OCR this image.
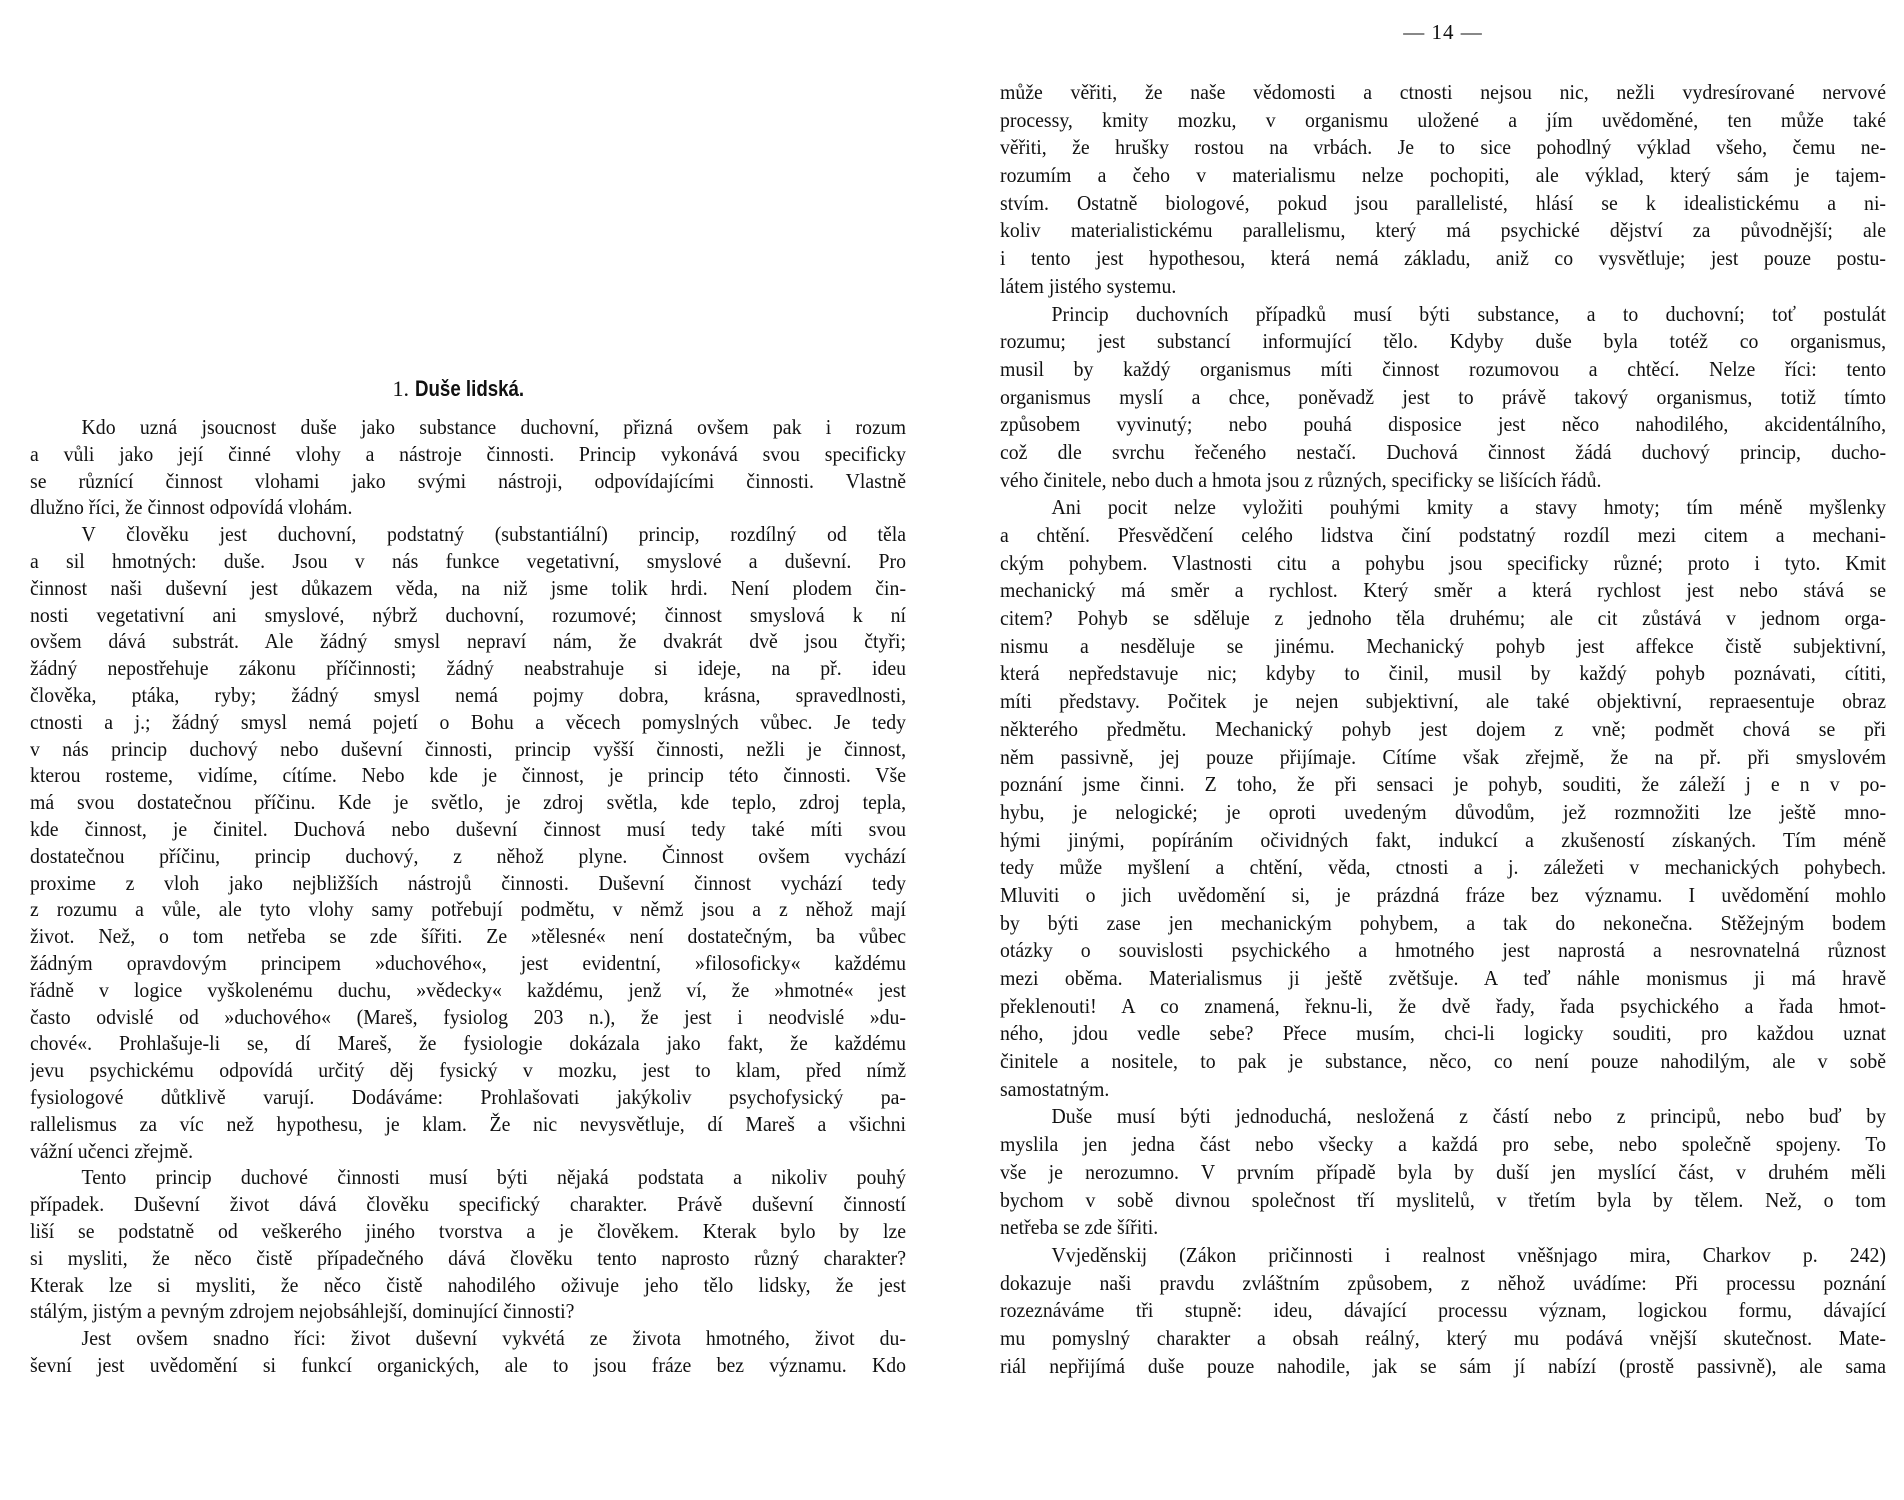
1. Duše lidská.
Kdo uzná jsoucnost duše jako substance duchovní, přizná ovšem pak i rozum
a vůli jako její činné vlohy a nástroje činnosti. Princip vykonává svou specificky
se různící činnost vlohami jako svými nástroji, odpovídajícími činnosti. Vlastně
dlužno říci, že činnost odpovídá vlohám.
V člověku jest duchovní, podstatný (substantiální) princip, rozdílný od těla
a sil hmotných: duše. Jsou v nás funkce vegetativní, smyslové a duševní. Pro
činnost naši duševní jest důkazem věda, na niž jsme tolik hrdi. Není plodem čin-
nosti vegetativní ani smyslové, nýbrž duchovní, rozumové; činnost smyslová k ní
ovšem dává substrát. Ale žádný smysl nepraví nám, že dvakrát dvě jsou čtyři;
žádný nepostřehuje zákonu příčinnosti; žádný neabstrahuje si ideje, na př. ideu
člověka, ptáka, ryby; žádný smysl nemá pojmy dobra, krásna, spravedlnosti,
ctnosti a j.; žádný smysl nemá pojetí o Bohu a věcech pomyslných vůbec. Je tedy
v nás princip duchový nebo duševní činnosti, princip vyšší činnosti, nežli je činnost,
kterou rosteme, vidíme, cítíme. Nebo kde je činnost, je princip této činnosti. Vše
má svou dostatečnou příčinu. Kde je světlo, je zdroj světla, kde teplo, zdroj tepla,
kde činnost, je činitel. Duchová nebo duševní činnost musí tedy také míti svou
dostatečnou příčinu, princip duchový, z něhož plyne. Činnost ovšem vychází
proxime z vloh jako nejbližších nástrojů činnosti. Duševní činnost vychází tedy
z rozumu a vůle, ale tyto vlohy samy potřebují podmětu, v němž jsou a z něhož mají
život. Než, o tom netřeba se zde šířiti. Ze »tělesné« není dostatečným, ba vůbec
žádným opravdovým principem »duchového«, jest evidentní, »filosoficky« každému
řádně v logice vyškolenému duchu, »vědecky« každému, jenž ví, že »hmotné« jest
často odvislé od »duchového« (Mareš, fysiolog 203 n.), že jest i neodvislé »du-
chové«. Prohlašuje-li se, dí Mareš, že fysiologie dokázala jako fakt, že každému
jevu psychickému odpovídá určitý děj fysický v mozku, jest to klam, před nímž
fysiologové důtklivě varují. Dodáváme: Prohlašovati jakýkoliv psychofysický pa-
rallelismus za víc než hypothesu, je klam. Že nic nevysvětluje, dí Mareš a všichni
vážní učenci zřejmě.
Tento princip duchové činnosti musí býti nějaká podstata a nikoliv pouhý
případek. Duševní život dává člověku specifický charakter. Právě duševní činností
liší se podstatně od veškerého jiného tvorstva a je člověkem. Kterak bylo by lze
si mysliti, že něco čistě případečného dává člověku tento naprosto různý charakter?
Kterak lze si mysliti, že něco čistě nahodilého oživuje jeho tělo lidsky, že jest
stálým, jistým a pevným zdrojem nejobsáhlejší, dominující činnosti?
Jest ovšem snadno říci: život duševní vykvétá ze života hmotného, život du-
ševní jest uvědomění si funkcí organických, ale to jsou fráze bez významu. Kdo
— 14 —
může věřiti, že naše vědomosti a ctnosti nejsou nic, nežli vydresírované nervové
processy, kmity mozku, v organismu uložené a jím uvědoměné, ten může také
věřiti, že hrušky rostou na vrbách. Je to sice pohodlný výklad všeho, čemu ne-
rozumím a čeho v materialismu nelze pochopiti, ale výklad, který sám je tajem-
stvím. Ostatně biologové, pokud jsou parallelisté, hlásí se k idealistickému a ni-
koliv materialistickému parallelismu, který má psychické dějství za původnější; ale
i tento jest hypothesou, která nemá základu, aniž co vysvětluje; jest pouze postu-
látem jistého systemu.
Princip duchovních případků musí býti substance, a to duchovní; toť postulát
rozumu; jest substancí informující tělo. Kdyby duše byla totéž co organismus,
musil by každý organismus míti činnost rozumovou a chtěcí. Nelze říci: tento
organismus myslí a chce, poněvadž jest to právě takový organismus, totiž tímto
způsobem vyvinutý; nebo pouhá disposice jest něco nahodilého, akcidentálního,
což dle svrchu řečeného nestačí. Duchová činnost žádá duchový princip, ducho-
vého činitele, nebo duch a hmota jsou z různých, specificky se lišících řádů.
Ani pocit nelze vyložiti pouhými kmity a stavy hmoty; tím méně myšlenky
a chtění. Přesvědčení celého lidstva činí podstatný rozdíl mezi citem a mechani-
ckým pohybem. Vlastnosti citu a pohybu jsou specificky různé; proto i tyto. Kmit
mechanický má směr a rychlost. Který směr a která rychlost jest nebo stává se
citem? Pohyb se sděluje z jednoho těla druhému; ale cit zůstává v jednom orga-
nismu a nesděluje se jinému. Mechanický pohyb jest affekce čistě subjektivní,
která nepředstavuje nic; kdyby to činil, musil by každý pohyb poznávati, cítiti,
míti představy. Počitek je nejen subjektivní, ale také objektivní, repraesentuje obraz
některého předmětu. Mechanický pohyb jest dojem z vně; podmět chová se při
něm passivně, jej pouze přijímaje. Cítíme však zřejmě, že na př. při smyslovém
poznání jsme činni. Z toho, že při sensaci je pohyb, souditi, že záleží j e n v po-
hybu, je nelogické; je oproti uvedeným důvodům, jež rozmnožiti lze ještě mno-
hými jinými, popíráním očividných fakt, indukcí a zkušeností získaných. Tím méně
tedy může myšlení a chtění, věda, ctnosti a j. záležeti v mechanických pohybech.
Mluviti o jich uvědomění si, je prázdná fráze bez významu. I uvědomění mohlo
by býti zase jen mechanickým pohybem, a tak do nekonečna. Stěžejným bodem
otázky o souvislosti psychického a hmotného jest naprostá a nesrovnatelná různost
mezi oběma. Materialismus ji ještě zvětšuje. A teď náhle monismus ji má hravě
překlenouti! A co znamená, řeknu-li, že dvě řady, řada psychického a řada hmot-
ného, jdou vedle sebe? Přece musím, chci-li logicky souditi, pro každou uznat
činitele a nositele, to pak je substance, něco, co není pouze nahodilým, ale v sobě
samostatným.
Duše musí býti jednoduchá, nesložená z částí nebo z principů, nebo buď by
myslila jen jedna část nebo všecky a každá pro sebe, nebo společně spojeny. To
vše je nerozumno. V prvním případě byla by duší jen myslící část, v druhém měli
bychom v sobě divnou společnost tří myslitelů, v třetím byla by tělem. Než, o tom
netřeba se zde šířiti.
Vvjeděnskij (Zákon pričinnosti i realnost vněšnjago mira, Charkov p. 242)
dokazuje naši pravdu zvláštním způsobem, z něhož uvádíme: Při processu poznání
rozeznáváme tři stupně: ideu, dávající processu význam, logickou formu, dávající
mu pomyslný charakter a obsah reálný, který mu podává vnější skutečnost. Mate-
riál nepřijímá duše pouze nahodile, jak se sám jí nabízí (prostě passivně), ale sama
